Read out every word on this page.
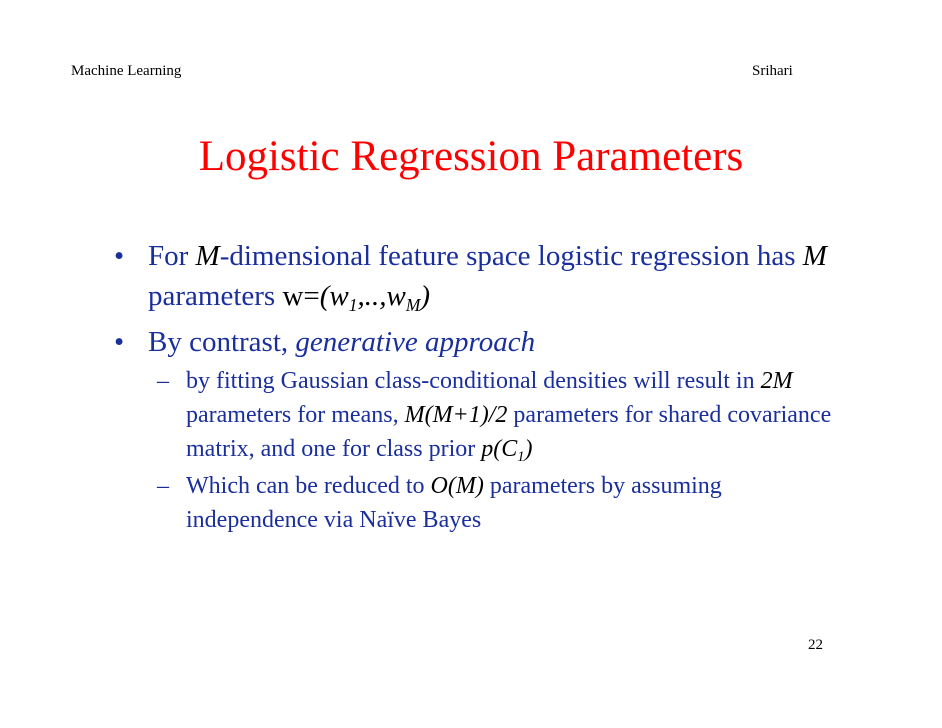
Machine Learning	Srihari
Logistic Regression Parameters

• For M-dimensional feature space logistic regression has M parameters $w=(w_1,..,w_M)$

• By contrast, generative approach

– by fitting Gaussian class-conditional densities will result in 2M parameters for means, M(M+1)/2 parameters for shared covariance matrix, and one for class prior $p(C_1)$

– Which can be reduced to O(M) parameters by assuming independence via Naïve Bayes

22
